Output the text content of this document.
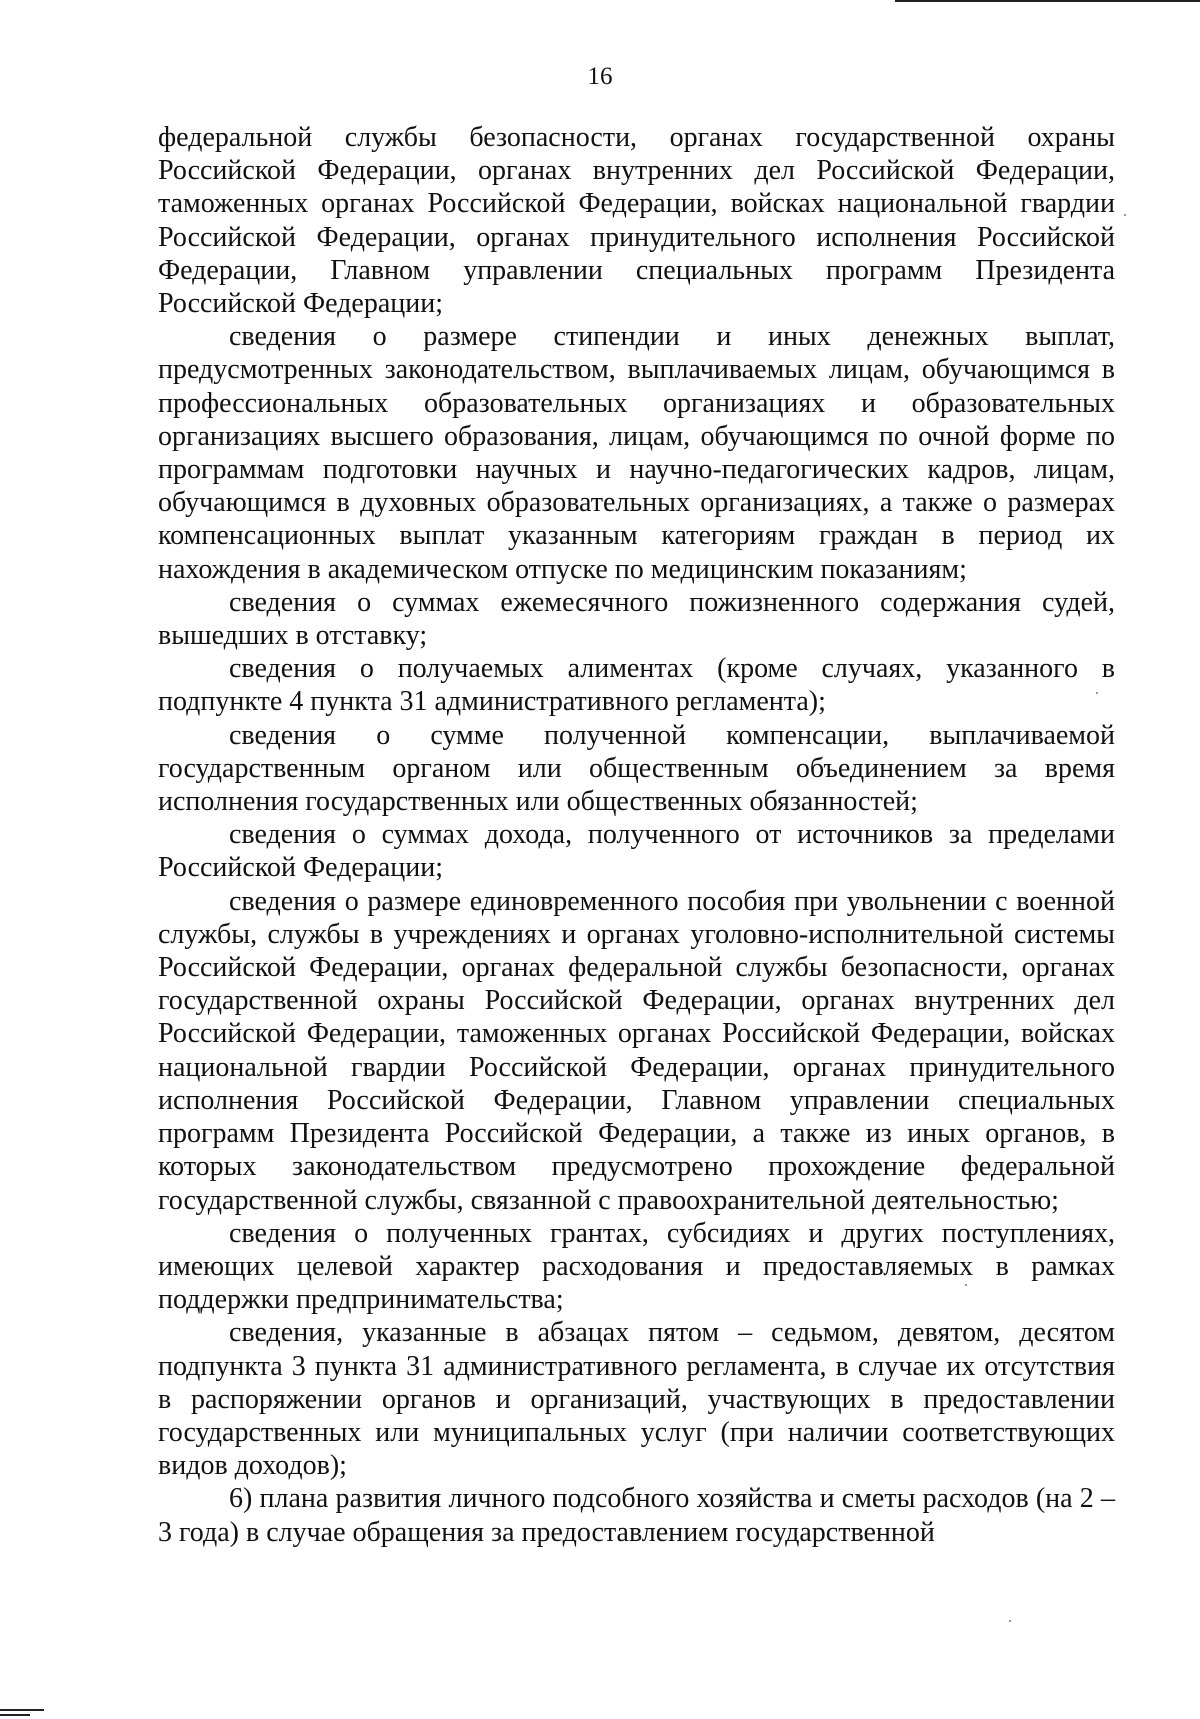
16

федеральной службы безопасности, органах государственной охраны Российской Федерации, органах внутренних дел Российской Федерации, таможенных органах Российской Федерации, войсках национальной гвардии Российской Федерации, органах принудительного исполнения Российской Федерации, Главном управлении специальных программ Президента Российской Федерации;

сведения о размере стипендии и иных денежных выплат, предусмотренных законодательством, выплачиваемых лицам, обучающимся в профессиональных образовательных организациях и образовательных организациях высшего образования, лицам, обучающимся по очной форме по программам подготовки научных и научно-педагогических кадров, лицам, обучающимся в духовных образовательных организациях, а также о размерах компенсационных выплат указанным категориям граждан в период их нахождения в академическом отпуске по медицинским показаниям;

сведения о суммах ежемесячного пожизненного содержания судей, вышедших в отставку;

сведения о получаемых алиментах (кроме случаях, указанного в подпункте 4 пункта 31 административного регламента);

сведения о сумме полученной компенсации, выплачиваемой государственным органом или общественным объединением за время исполнения государственных или общественных обязанностей;

сведения о суммах дохода, полученного от источников за пределами Российской Федерации;

сведения о размере единовременного пособия при увольнении с военной службы, службы в учреждениях и органах уголовно-исполнительной системы Российской Федерации, органах федеральной службы безопасности, органах государственной охраны Российской Федерации, органах внутренних дел Российской Федерации, таможенных органах Российской Федерации, войсках национальной гвардии Российской Федерации, органах принудительного исполнения Российской Федерации, Главном управлении специальных программ Президента Российской Федерации, а также из иных органов, в которых законодательством предусмотрено прохождение федеральной государственной службы, связанной с правоохранительной деятельностью;

сведения о полученных грантах, субсидиях и других поступлениях, имеющих целевой характер расходования и предоставляемых в рамках поддержки предпринимательства;

сведения, указанные в абзацах пятом – седьмом, девятом, десятом подпункта 3 пункта 31 административного регламента, в случае их отсутствия в распоряжении органов и организаций, участвующих в предоставлении государственных или муниципальных услуг (при наличии соответствующих видов доходов);

6) плана развития личного подсобного хозяйства и сметы расходов (на 2 – 3 года) в случае обращения за предоставлением государственной
